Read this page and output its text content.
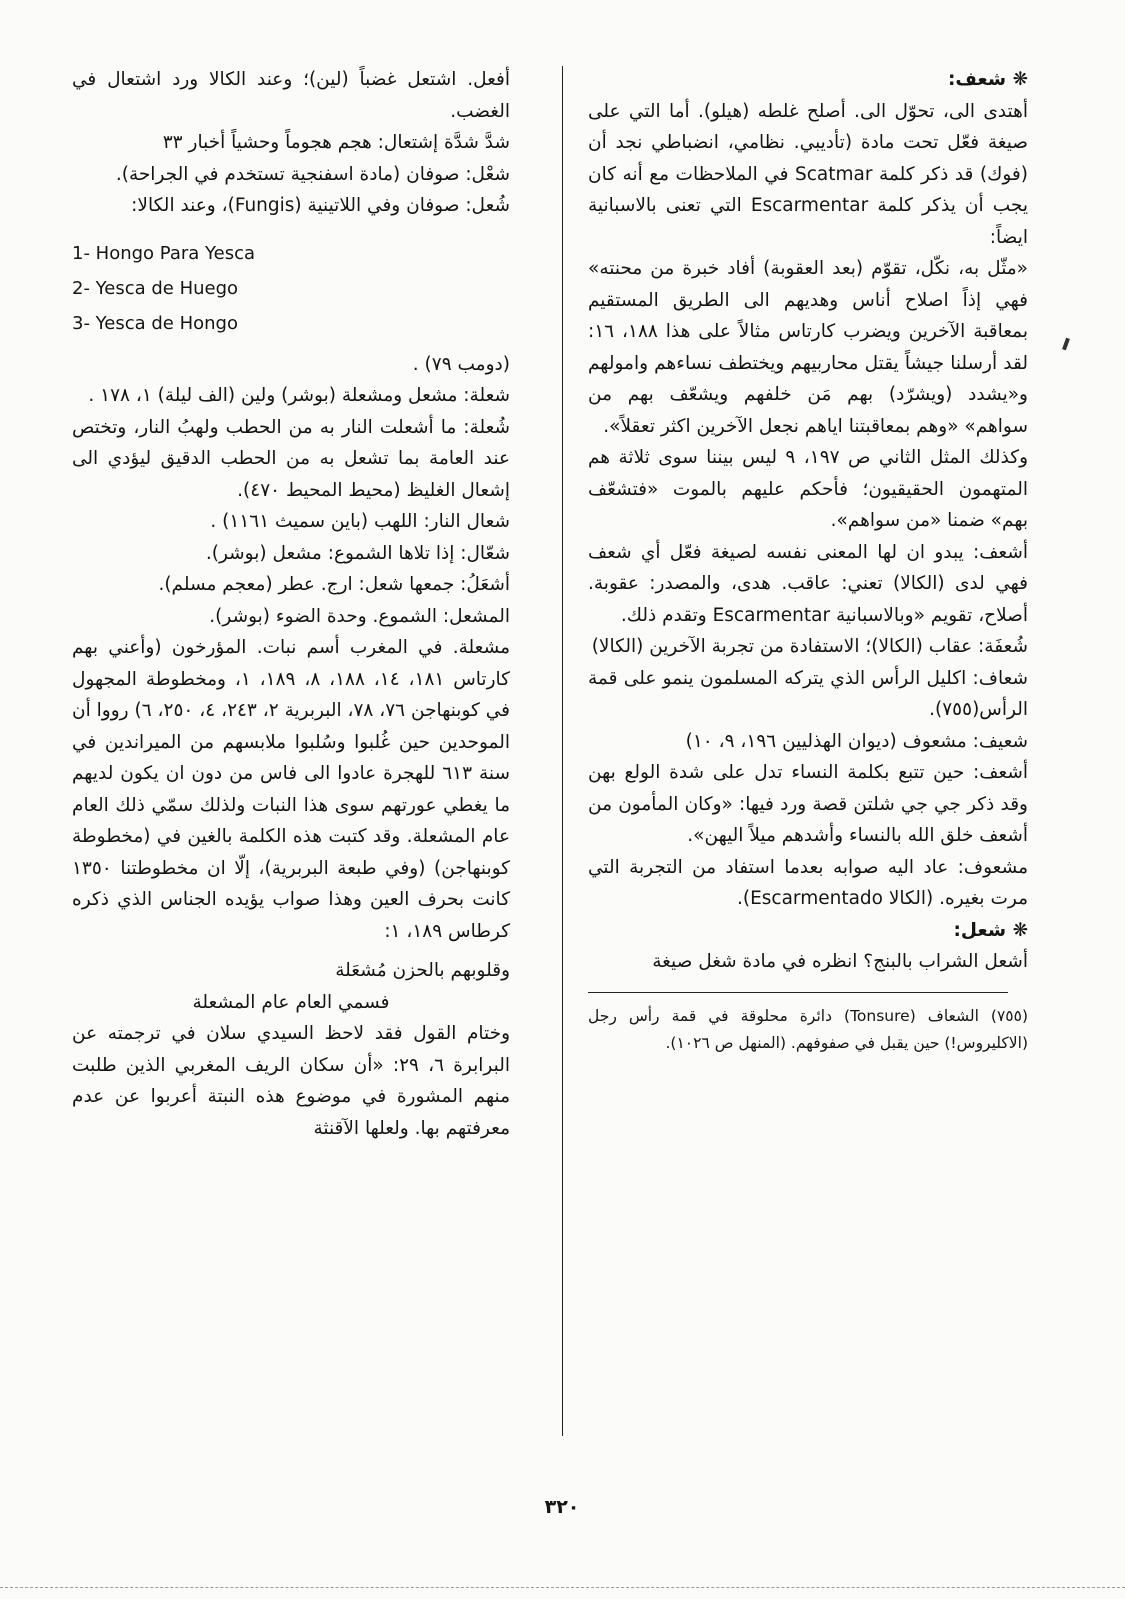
❋ شعف:

أهتدى الى، تحوّل الى. أصلح غلطه (هيلو). أما التي على صيغة فعّل تحت مادة (تأديبي. نظامي، انضباطي نجد أن (فوك) قد ذكر كلمة Scatmar في الملاحظات مع أنه كان يجب أن يذكر كلمة Escarmentar التي تعنى بالاسبانية ايضاً:

«مثّل به، نكّل، تقوّم (بعد العقوبة) أفاد خبرة من محنته» فهي إذاً اصلاح أناس وهديهم الى الطريق المستقيم بمعاقبة الآخرين ويضرب كارتاس مثالاً على هذا ١٨٨، ١٦: لقد أرسلنا جيشاً يقتل محاربيهم ويختطف نساءهم وامولهم و«يشدد (ويشرّد) بهم مَن خلفهم ويشعّف بهم من سواهم» «وهم بمعاقبتنا اياهم نجعل الآخرين اكثر تعقلاً».

وكذلك المثل الثاني ص ١٩٧، ٩ ليس بيننا سوى ثلاثة هم المتهمون الحقيقيون؛ فأحكم عليهم بالموت «فتشعّف بهم» ضمنا «من سواهم».

أشعف: يبدو ان لها المعنى نفسه لصيغة فعّل أي شعف فهي لدى (الكالا) تعني: عاقب. هدى، والمصدر: عقوبة. أصلاح، تقويم «وبالاسبانية Escarmentar وتقدم ذلك.

شُعفَة: عقاب (الكالا)؛ الاستفادة من تجربة الآخرين (الكالا)

شعاف: اكليل الرأس الذي يتركه المسلمون ينمو على قمة الرأس(٧٥٥).

شعيف: مشعوف (ديوان الهذليين ١٩٦، ٩، ١٠)

أشعف: حين تتبع بكلمة النساء تدل على شدة الولع بهن وقد ذكر جي جي شلتن قصة ورد فيها: «وكان المأمون من أشعف خلق الله بالنساء وأشدهم ميلاً اليهن».

مشعوف: عاد اليه صوابه بعدما استفاد من التجربة التي مرت بغيره. (الكالا Escarmentado).

❋ شعل:

أشعل الشراب بالبنج؟ انظره في مادة شغل صيغة

(٧٥٥) الشعاف (Tonsure) دائرة محلوقة في قمة رأس رجل (الاكليروس!) حين يقبل في صفوفهم. (المنهل ص ١٠٢٦).

أفعل. اشتعل غضباً (لين)؛ وعند الكالا ورد اشتعال في الغضب.

شدَّ شدَّة إشتعال: هجم هجوماً وحشياً أخبار ٣٣

شعْل: صوفان (مادة اسفنجية تستخدم في الجراحة).

شُعل: صوفان وفي اللاتينية (Fungis)، وعند الكالا:

1- Hongo Para Yesca
2- Yesca de Huego
3- Yesca de Hongo

(دومب ٧٩) .

شعلة: مشعل ومشعلة (بوشر) ولين (الف ليلة) ١، ١٧٨ .

شُعلة: ما أشعلت النار به من الحطب ولهبُ النار، وتختص عند العامة بما تشعل به من الحطب الدقيق ليؤدي الى إشعال الغليظ (محيط المحيط ٤٧٠).

شعال النار: اللهب (باين سميث ١١٦١) .

شعّال: إذا تلاها الشموع: مشعل (بوشر).

أشعَلُ: جمعها شعل: ارج. عطر (معجم مسلم).

المشعل: الشموع. وحدة الضوء (بوشر).

مشعلة. في المغرب أسم نبات. المؤرخون (وأعني بهم كارتاس ١٨١، ١٤، ١٨٨، ٨، ١٨٩، ١، ومخطوطة المجهول في كوبنهاجن ٧٦، ٧٨، البربرية ٢، ٢٤٣، ٤، ٢٥٠، ٦) رووا أن الموحدين حين غُلبوا وسُلبوا ملابسهم من الميراندين في سنة ٦١٣ للهجرة عادوا الى فاس من دون ان يكون لديهم ما يغطي عورتهم سوى هذا النبات ولذلك سمّي ذلك العام عام المشعلة. وقد كتبت هذه الكلمة بالغين في (مخطوطة كوبنهاجن) (وفي طبعة البربرية)، إلّا ان مخطوطتنا ١٣٥٠ كانت بحرف العين وهذا صواب يؤيده الجناس الذي ذكره كرطاس ١٨٩، ١:

وقلوبهم بالحزن مُشعَلة

فسمي العام عام المشعلة

وختام القول فقد لاحظ السيدي سلان في ترجمته عن البرابرة ٦، ٢٩: «أن سكان الريف المغربي الذين طلبت منهم المشورة في موضوع هذه النبتة أعربوا عن عدم معرفتهم بها. ولعلها الآقنثة

٣٢٠
